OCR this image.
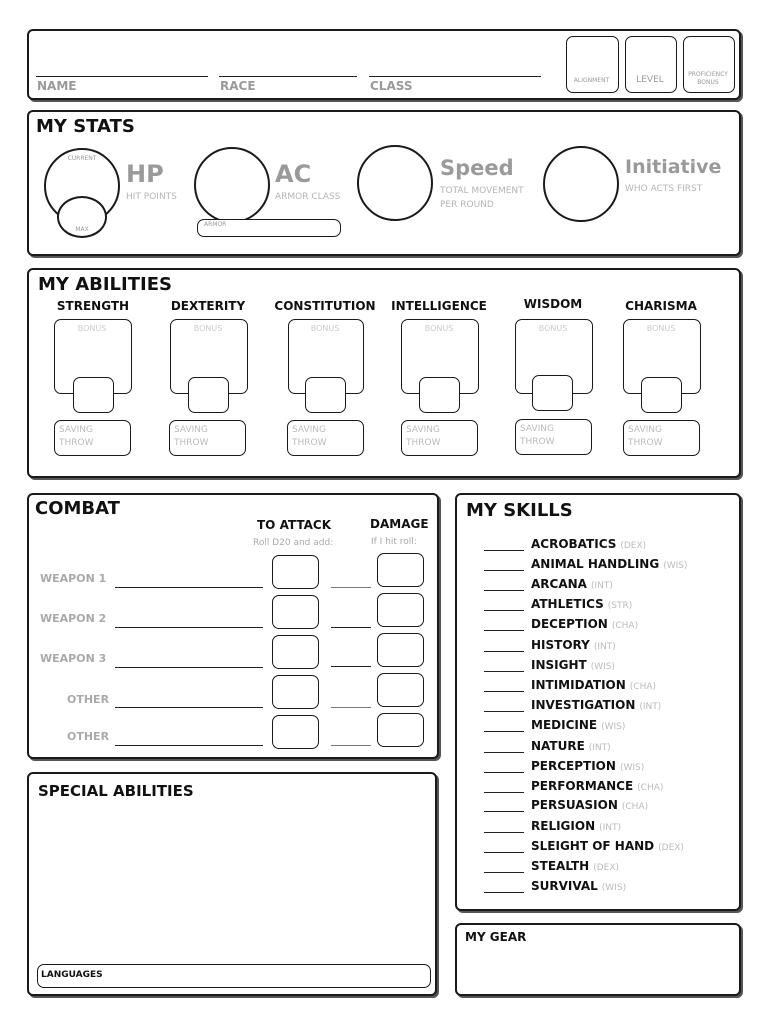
NAME	RACE	CLASS	ALIGNMENT	LEVEL
PROFICIENCY
BONUS
MY STATS
CURRENT
MAX
HP
HIT POINTS
AC
ARMOR CLASS
ARMOR
Speed
TOTAL MOVEMENT
PER ROUND
Initiative
WHO ACTS FIRST
MY ABILITIES
STRENGTH
BONUS
SAVING
THROW
DEXTERITY
BONUS
SAVING
THROW
CONSTITUTION
BONUS
SAVING
THROW
INTELLIGENCE
BONUS
SAVING
THROW
WISDOM
BONUS
SAVING
THROW
CHARISMA
BONUS
SAVING
THROW
COMBAT
TO ATTACK
Roll D20 and add:
DAMAGE
If I hit roll:
WEAPON 1
WEAPON 2
WEAPON 3
OTHER
OTHER
SPECIAL ABILITIES
LANGUAGES
MY SKILLS
ACROBATICS (DEX)
ANIMAL HANDLING (WIS)
ARCANA (INT)
ATHLETICS (STR)
DECEPTION (CHA)
HISTORY (INT)
INSIGHT (WIS)
INTIMIDATION (CHA)
INVESTIGATION (INT)
MEDICINE (WIS)
NATURE (INT)
PERCEPTION (WIS)
PERFORMANCE (CHA)
PERSUASION (CHA)
RELIGION (INT)
SLEIGHT OF HAND (DEX)
STEALTH (DEX)
SURVIVAL (WIS)
MY GEAR
